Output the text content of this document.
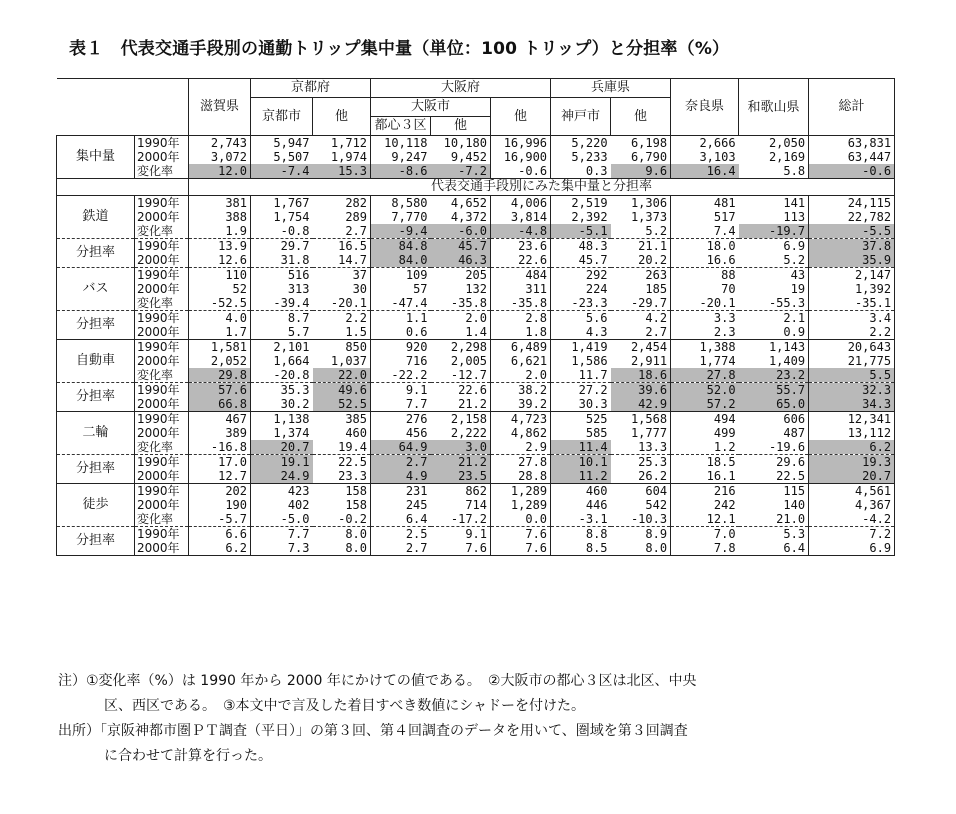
表１　代表交通手段別の通勤トリップ集中量（単位：100 トリップ）と分担率（%）
		滋賀県	京都府		大阪府			兵庫県		奈良県	和歌山県	総計
			京都市	他	大阪市		他	神戸市	他			
					都心３区	他						
集中量	1990年	2,743	5,947	1,712	10,118	10,180	16,996	5,220	6,198	2,666	2,050	63,831
	2000年	3,072	5,507	1,974	9,247	9,452	16,900	5,233	6,790	3,103	2,169	63,447
	変化率	12.0	-7.4	15.3	-8.6	-7.2	-0.6	0.3	9.6	16.4	5.8	-0.6
		代表交通手段別にみた集中量と分担率										
鉄道	1990年	381	1,767	282	8,580	4,652	4,006	2,519	1,306	481	141	24,115
	2000年	388	1,754	289	7,770	4,372	3,814	2,392	1,373	517	113	22,782
	変化率	1.9	-0.8	2.7	-9.4	-6.0	-4.8	-5.1	5.2	7.4	-19.7	-5.5
分担率	1990年	13.9	29.7	16.5	84.8	45.7	23.6	48.3	21.1	18.0	6.9	37.8
	2000年	12.6	31.8	14.7	84.0	46.3	22.6	45.7	20.2	16.6	5.2	35.9
バス	1990年	110	516	37	109	205	484	292	263	88	43	2,147
	2000年	52	313	30	57	132	311	224	185	70	19	1,392
	変化率	-52.5	-39.4	-20.1	-47.4	-35.8	-35.8	-23.3	-29.7	-20.1	-55.3	-35.1
分担率	1990年	4.0	8.7	2.2	1.1	2.0	2.8	5.6	4.2	3.3	2.1	3.4
	2000年	1.7	5.7	1.5	0.6	1.4	1.8	4.3	2.7	2.3	0.9	2.2
自動車	1990年	1,581	2,101	850	920	2,298	6,489	1,419	2,454	1,388	1,143	20,643
	2000年	2,052	1,664	1,037	716	2,005	6,621	1,586	2,911	1,774	1,409	21,775
	変化率	29.8	-20.8	22.0	-22.2	-12.7	2.0	11.7	18.6	27.8	23.2	5.5
分担率	1990年	57.6	35.3	49.6	9.1	22.6	38.2	27.2	39.6	52.0	55.7	32.3
	2000年	66.8	30.2	52.5	7.7	21.2	39.2	30.3	42.9	57.2	65.0	34.3
二輪	1990年	467	1,138	385	276	2,158	4,723	525	1,568	494	606	12,341
	2000年	389	1,374	460	456	2,222	4,862	585	1,777	499	487	13,112
	変化率	-16.8	20.7	19.4	64.9	3.0	2.9	11.4	13.3	1.2	-19.6	6.2
分担率	1990年	17.0	19.1	22.5	2.7	21.2	27.8	10.1	25.3	18.5	29.6	19.3
	2000年	12.7	24.9	23.3	4.9	23.5	28.8	11.2	26.2	16.1	22.5	20.7
徒歩	1990年	202	423	158	231	862	1,289	460	604	216	115	4,561
	2000年	190	402	158	245	714	1,289	446	542	242	140	4,367
	変化率	-5.7	-5.0	-0.2	6.4	-17.2	0.0	-3.1	-10.3	12.1	21.0	-4.2
分担率	1990年	6.6	7.7	8.0	2.5	9.1	7.6	8.8	8.9	7.0	5.3	7.2
	2000年	6.2	7.3	8.0	2.7	7.6	7.6	8.5	8.0	7.8	6.4	6.9
注）①変化率（%）は 1990 年から 2000 年にかけての値である。　②大阪市の都心３区は北区、中央
区、西区である。　③本文中で言及した着目すべき数値にシャドーを付けた。
出所）「京阪神都市圏ＰＴ調査（平日）」の第３回、第４回調査のデータを用いて、圏域を第３回調査
に合わせて計算を行った。
